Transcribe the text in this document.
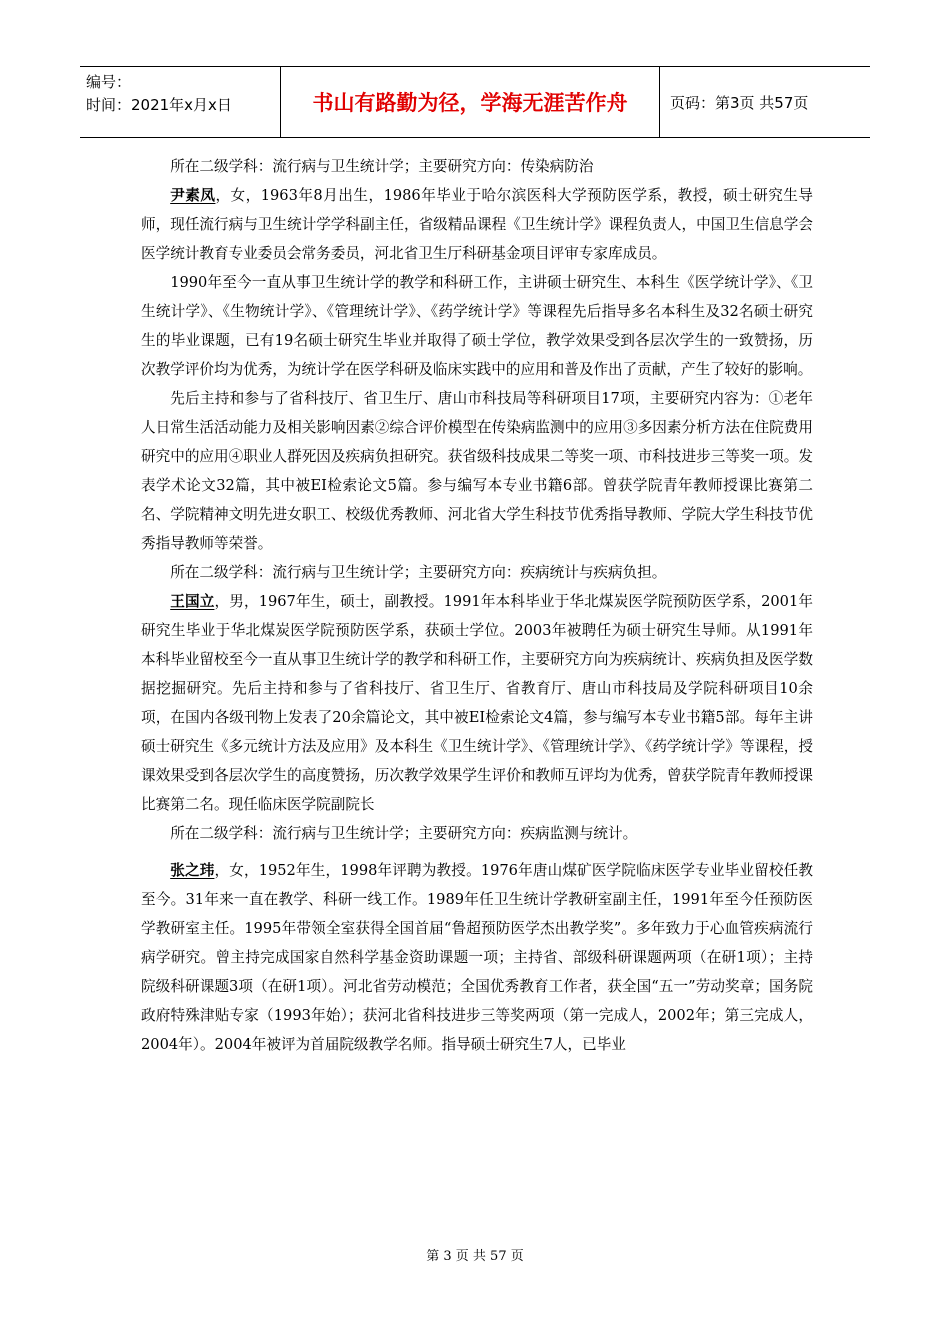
编号：
时间：2021年x月x日	书山有路勤为径，学海无涯苦作舟	页码：第3页 共57页

所在二级学科：流行病与卫生统计学；主要研究方向：传染病防治

尹素凤，女，1963年8月出生，1986年毕业于哈尔滨医科大学预防医学系，教授，硕士研究生导师，现任流行病与卫生统计学学科副主任，省级精品课程《卫生统计学》课程负责人，中国卫生信息学会医学统计教育专业委员会常务委员，河北省卫生厅科研基金项目评审专家库成员。

1990年至今一直从事卫生统计学的教学和科研工作，主讲硕士研究生、本科生《医学统计学》、《卫生统计学》、《生物统计学》、《管理统计学》、《药学统计学》等课程先后指导多名本科生及32名硕士研究生的毕业课题，已有19名硕士研究生毕业并取得了硕士学位，教学效果受到各层次学生的一致赞扬，历次教学评价均为优秀，为统计学在医学科研及临床实践中的应用和普及作出了贡献，产生了较好的影响。

先后主持和参与了省科技厅、省卫生厅、唐山市科技局等科研项目17项，主要研究内容为：①老年人日常生活活动能力及相关影响因素②综合评价模型在传染病监测中的应用③多因素分析方法在住院费用研究中的应用④职业人群死因及疾病负担研究。获省级科技成果二等奖一项、市科技进步三等奖一项。发表学术论文32篇，其中被EI检索论文5篇。参与编写本专业书籍6部。曾获学院青年教师授课比赛第二名、学院精神文明先进女职工、校级优秀教师、河北省大学生科技节优秀指导教师、学院大学生科技节优秀指导教师等荣誉。

所在二级学科：流行病与卫生统计学；主要研究方向：疾病统计与疾病负担。

王国立，男，1967年生，硕士，副教授。1991年本科毕业于华北煤炭医学院预防医学系，2001年研究生毕业于华北煤炭医学院预防医学系，获硕士学位。2003年被聘任为硕士研究生导师。从1991年本科毕业留校至今一直从事卫生统计学的教学和科研工作，主要研究方向为疾病统计、疾病负担及医学数据挖掘研究。先后主持和参与了省科技厅、省卫生厅、省教育厅、唐山市科技局及学院科研项目10余项，在国内各级刊物上发表了20余篇论文，其中被EI检索论文4篇，参与编写本专业书籍5部。每年主讲硕士研究生《多元统计方法及应用》及本科生《卫生统计学》、《管理统计学》、《药学统计学》等课程，授课效果受到各层次学生的高度赞扬，历次教学效果学生评价和教师互评均为优秀，曾获学院青年教师授课比赛第二名。现任临床医学院副院长

所在二级学科：流行病与卫生统计学；主要研究方向：疾病监测与统计。

张之玮，女，1952年生，1998年评聘为教授。1976年唐山煤矿医学院临床医学专业毕业留校任教至今。31年来一直在教学、科研一线工作。1989年任卫生统计学教研室副主任，1991年至今任预防医学教研室主任。1995年带领全室获得全国首届“鲁超预防医学杰出教学奖”。多年致力于心血管疾病流行病学研究。曾主持完成国家自然科学基金资助课题一项；主持省、部级科研课题两项（在研1项）；主持院级科研课题3项（在研1项）。河北省劳动模范；全国优秀教育工作者，获全国“五一”劳动奖章；国务院政府特殊津贴专家（1993年始）；获河北省科技进步三等奖两项（第一完成人，2002年；第三完成人，2004年）。2004年被评为首届院级教学名师。指导硕士研究生7人，已毕业

第 3 页 共 57 页
